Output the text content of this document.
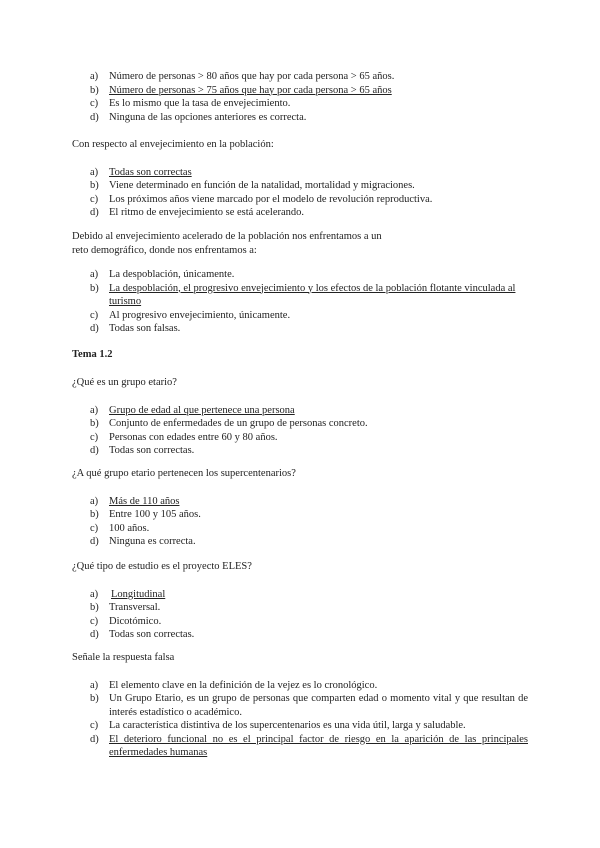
a)	Número de personas > 80 años que hay por cada persona > 65 años.
b) Número de personas > 75 años que hay por cada persona > 65 años
c)	Es lo mismo que la tasa de envejecimiento.
d) Ninguna de las opciones anteriores es correcta.

Con respecto al envejecimiento en la población:

a)	Todas son correctas
b) Viene determinado en función de la natalidad, mortalidad y migraciones.
c)	Los próximos años viene marcado por el modelo de revolución reproductiva.
d) El ritmo de envejecimiento se está acelerando.

Debido al envejecimiento acelerado de la población nos enfrentamos a un reto demográfico, donde nos enfrentamos a:

a)	La despoblación, únicamente.
b) La despoblación, el progresivo envejecimiento y los efectos de la población flotante vinculada al turismo
c)	Al progresivo envejecimiento, únicamente.
d) Todas son falsas.

Tema 1.2

¿Qué es un grupo etario?

a)	Grupo de edad al que pertenece una persona
b) Conjunto de enfermedades de un grupo de personas concreto.
c)	Personas con edades entre 60 y 80 años.
d) Todas son correctas.

¿A qué grupo etario pertenecen los supercentenarios?

a)	Más de 110 años
b) Entre 100 y 105 años.
c)	100 años.
d) Ninguna es correcta.

¿Qué tipo de estudio es el proyecto ELES?

a)	Longitudinal
b) Transversal.
c)	Dicotómico.
d) Todas son correctas.

Señale la respuesta falsa

a)	El elemento clave en la definición de la vejez es lo cronológico.
b) Un Grupo Etario, es un grupo de personas que comparten edad o momento vital y que resultan de interés estadístico o académico.
c)	La característica distintiva de los supercentenarios es una vida útil, larga y saludable.
d) El deterioro funcional no es el principal factor de riesgo en la aparición de las principales enfermedades humanas
